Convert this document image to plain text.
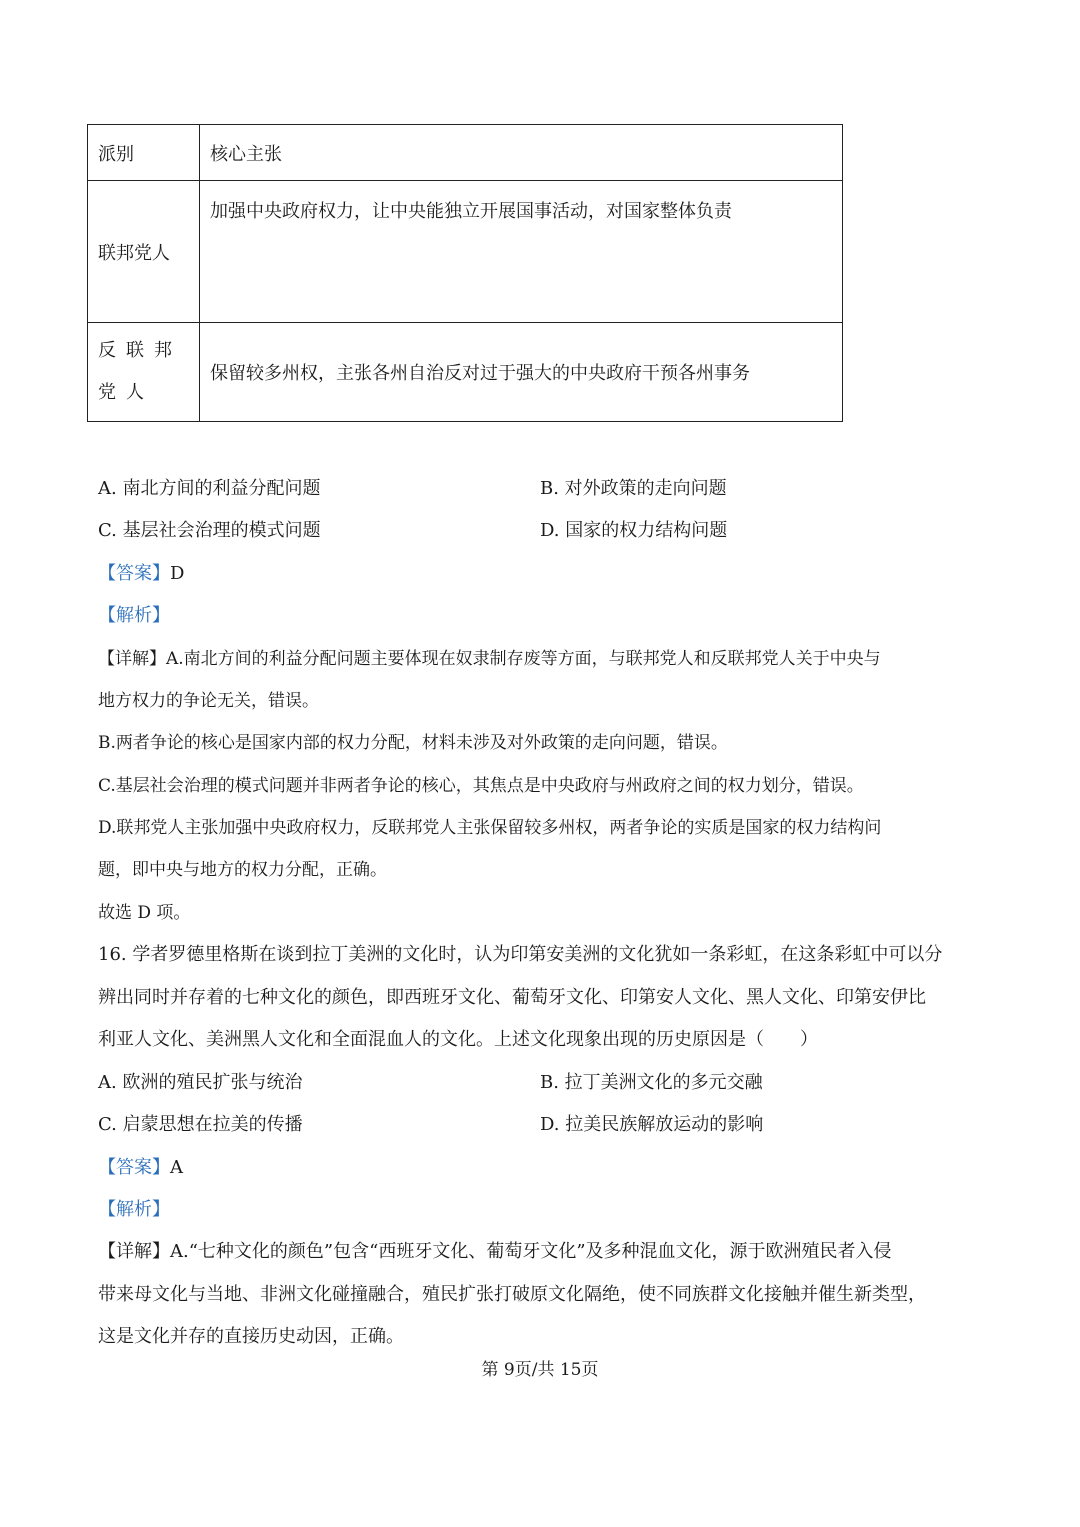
派别	核心主张
联邦党人	加强中央政府权力，让中央能独立开展国事活动，对国家整体负责
反联邦党人	保留较多州权，主张各州自治反对过于强大的中央政府干预各州事务
A. 南北方间的利益分配问题	B. 对外政策的走向问题
C. 基层社会治理的模式问题	D. 国家的权力结构问题
【答案】D
【解析】
【详解】A.南北方间的利益分配问题主要体现在奴隶制存废等方面，与联邦党人和反联邦党人关于中央与
地方权力的争论无关，错误。
B.两者争论的核心是国家内部的权力分配，材料未涉及对外政策的走向问题，错误。
C.基层社会治理的模式问题并非两者争论的核心，其焦点是中央政府与州政府之间的权力划分，错误。
D.联邦党人主张加强中央政府权力，反联邦党人主张保留较多州权，两者争论的实质是国家的权力结构问
题，即中央与地方的权力分配，正确。
故选 D 项。
16. 学者罗德里格斯在谈到拉丁美洲的文化时，认为印第安美洲的文化犹如一条彩虹，在这条彩虹中可以分
辨出同时并存着的七种文化的颜色，即西班牙文化、葡萄牙文化、印第安人文化、黑人文化、印第安伊比
利亚人文化、美洲黑人文化和全面混血人的文化。上述文化现象出现的历史原因是（　　）
A. 欧洲的殖民扩张与统治	B. 拉丁美洲文化的多元交融
C. 启蒙思想在拉美的传播	D. 拉美民族解放运动的影响
【答案】A
【解析】
【详解】A.“七种文化的颜色”包含“西班牙文化、葡萄牙文化”及多种混血文化，源于欧洲殖民者入侵
带来母文化与当地、非洲文化碰撞融合，殖民扩张打破原文化隔绝，使不同族群文化接触并催生新类型，
这是文化并存的直接历史动因，正确。
第 9页/共 15页
